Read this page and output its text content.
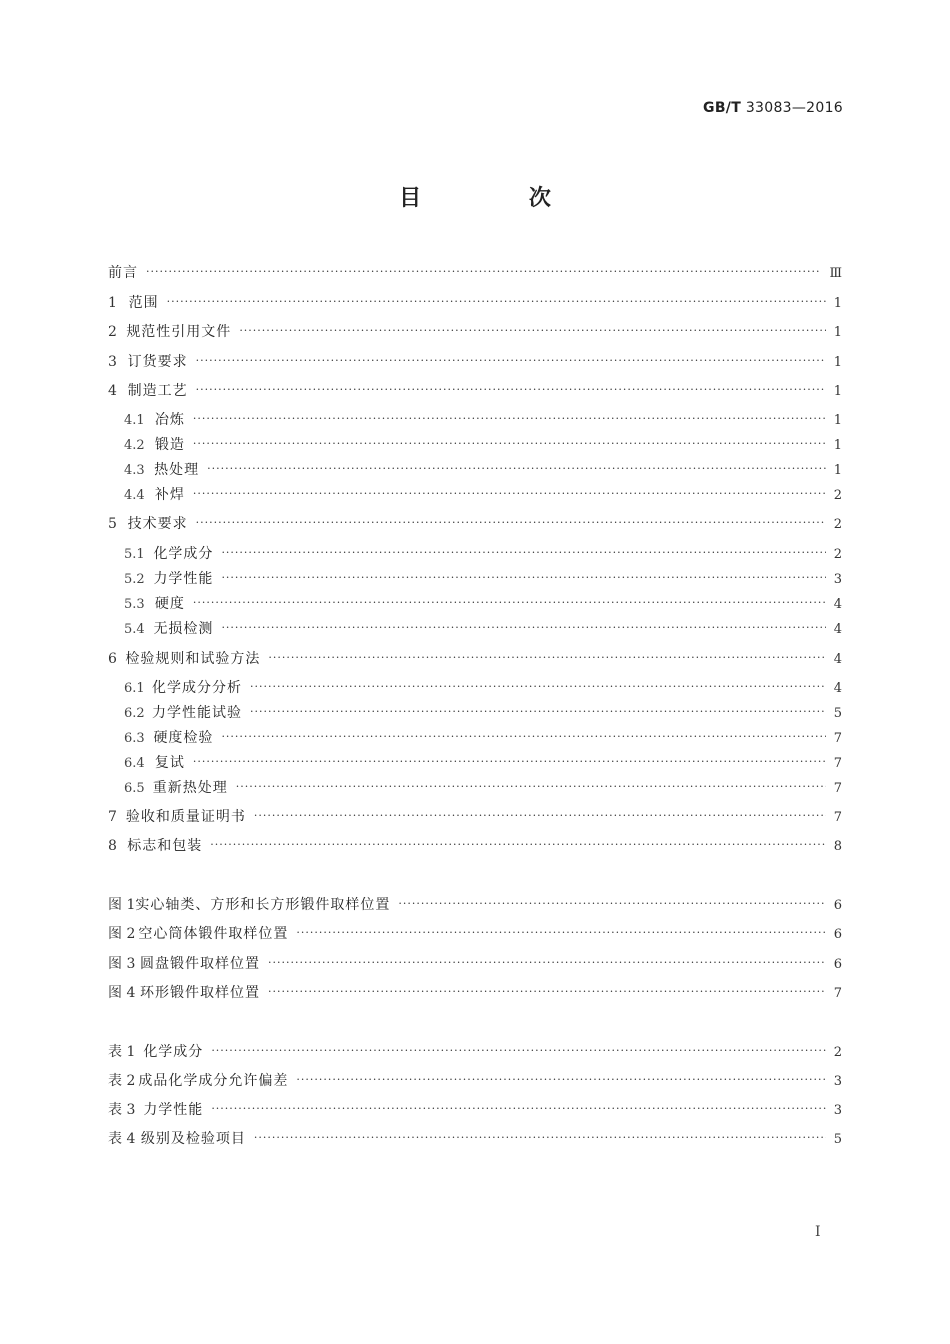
GB/T 33083—2016
目 次
前言 ·····	Ⅲ
1 范围 ·····	1
2 规范性引用文件 ·····	1
3 订货要求 ·····	1
4 制造工艺 ·····	1
4.1 冶炼 ·····	1
4.2 锻造 ·····	1
4.3 热处理 ·····	1
4.4 补焊 ·····	2
5 技术要求 ·····	2
5.1 化学成分 ·····	2
5.2 力学性能 ·····	3
5.3 硬度 ·····	4
5.4 无损检测 ·····	4
6 检验规则和试验方法 ·····	4
6.1 化学成分分析 ·····	4
6.2 力学性能试验 ·····	5
6.3 硬度检验 ·····	7
6.4 复试 ·····	7
6.5 重新热处理 ·····	7
7 验收和质量证明书 ·····	7
8 标志和包装 ·····	8
图 1 实心轴类、方形和长方形锻件取样位置 ·····	6
图 2 空心筒体锻件取样位置 ·····	6
图 3 圆盘锻件取样位置 ·····	6
图 4 环形锻件取样位置 ·····	7
表 1 化学成分 ·····	2
表 2 成品化学成分允许偏差 ·····	3
表 3 力学性能 ·····	3
表 4 级别及检验项目 ·····	5
I
